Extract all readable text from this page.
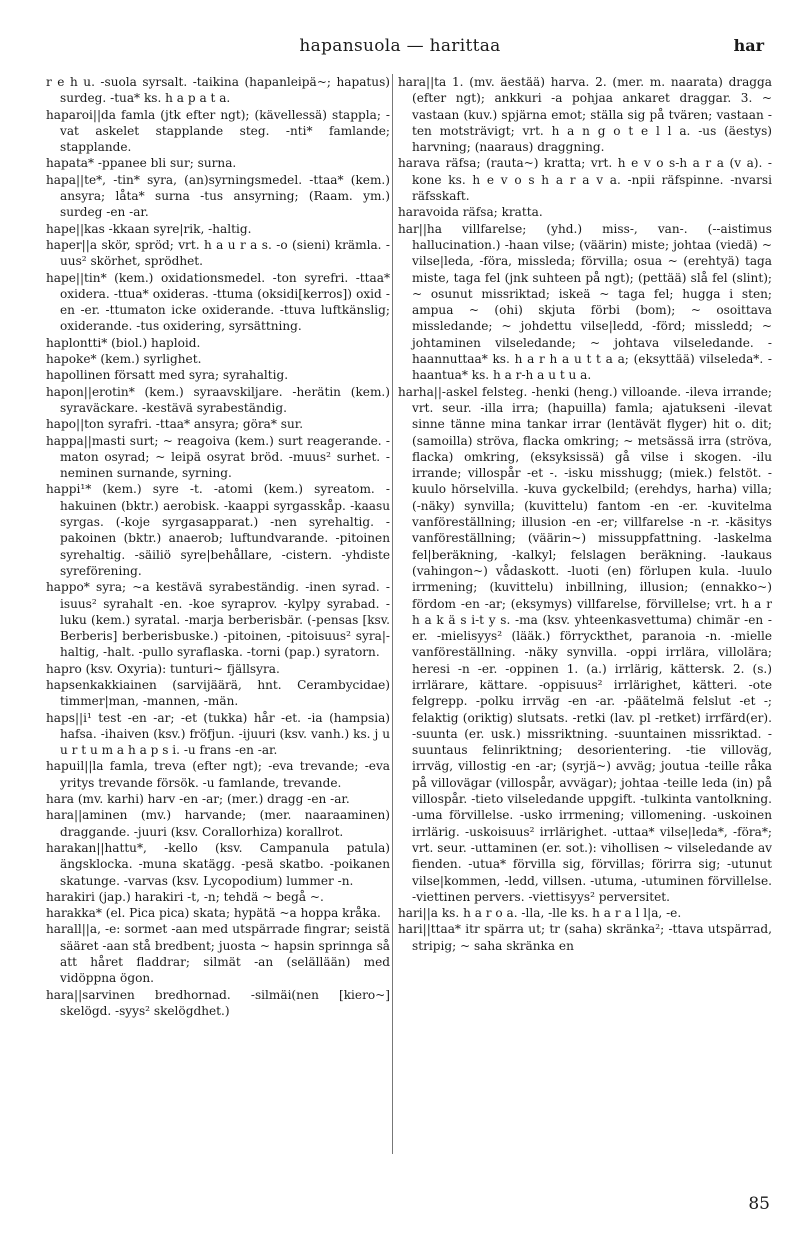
hapansuola — harittaa	har

r e h u. -suola syrsalt. -taikina (hapanleipä~; hapatus) surdeg. -tua* ks. h a p a t a.

haparoi||da famla (jtk efter ngt); (kävellessä) stappla; -vat askelet stapplande steg. -nti* famlande; stapplande.

hapata* -ppanee bli sur; surna.

hapa||te*, -tin* syra, (an)syrningsmedel. -ttaa* (kem.) ansyra; låta* surna -tus ansyrning; (Raam. ym.) surdeg -en -ar.

hape||kas -kkaan syre|rik, -haltig.

haper||a skör, spröd; vrt. h a u r a s. -o (sieni) krämla. -uus² skörhet, sprödhet.

hape||tin* (kem.) oxidationsmedel. -ton syrefri. -ttaa* oxidera. -ttua* oxideras. -ttuma (oksidi[kerros]) oxid -en -er. -ttumaton icke oxiderande. -ttuva luftkänslig; oxiderande. -tus oxidering, syrsättning.

haplontti* (biol.) haploid.

hapoke* (kem.) syrlighet.

hapollinen försatt med syra; syrahaltig.

hapon||erotin* (kem.) syraavskiljare. -herätin (kem.) syraväckare. -kestävä syrabeständig.

hapo||ton syrafri. -ttaa* ansyra; göra* sur.

happa||masti surt; ~ reagoiva (kem.) surt reagerande. -maton osyrad; ~ leipä osyrat bröd. -muus² surhet. -neminen surnande, syrning.

happi¹* (kem.) syre -t. -atomi (kem.) syreatom. -hakuinen (bktr.) aerobisk. -kaappi syrgasskåp. -kaasu syrgas. (-koje syrgasapparat.) -nen syrehaltig. -pakoinen (bktr.) anaerob; luftundvarande. -pitoinen syrehaltig. -säiliö syre|behållare, -cistern. -yhdiste syreförening.

happo* syra; ~a kestävä syrabeständig. -inen syrad. -isuus² syrahalt -en. -koe syraprov. -kylpy syrabad. -luku (kem.) syratal. -marja berberisbär. (-pensas [ksv. Berberis] berberisbuske.) -pitoinen, -pitoisuus² syra|-haltig, -halt. -pullo syraflaska. -torni (pap.) syratorn.

hapro (ksv. Oxyria): tunturi~ fjällsyra.

hapsenkakkiainen (sarvijäärä, hnt. Cerambycidae) timmer|man, -mannen, -män.

haps||i¹ test -en -ar; -et (tukka) hår -et. -ia (hampsia) hafsa. -ihaiven (ksv.) fröfjun. -ijuuri (ksv. vanh.) ks. j u u r t u m a h a p s i. -u frans -en -ar.

hapuil||la famla, treva (efter ngt); -eva trevande; -eva yritys trevande försök. -u famlande, trevande.

hara (mv. karhi) harv -en -ar; (mer.) dragg -en -ar.

hara||aminen (mv.) harvande; (mer. naaraaminen) draggande. -juuri (ksv. Corallorhiza) korallrot.

harakan||hattu*, -kello (ksv. Campanula patula) ängsklocka. -muna skatägg. -pesä skatbo. -poikanen skatunge. -varvas (ksv. Lycopodium) lummer -n.

harakiri (jap.) harakiri -t, -n; tehdä ~ begå ~.

harakka* (el. Pica pica) skata; hypätä ~a hoppa kråka.

harall||a, -e: sormet -aan med utspärrade fingrar; seistä sääret -aan stå bredbent; juosta ~ hapsin sprinngа så att håret fladdrar; silmät -an (selällään) med vidöppna ögon.

hara||sarvinen bredhornad. -silmäi(nen [kiero~] skelögd. -syys² skelögdhet.)

hara||ta 1. (mv. äestää) harva. 2. (mer. m. naarata) dragga (efter ngt); ankkuri -a pohjaa ankaret draggar. 3. ~ vastaan (kuv.) spjärna emot; ställa sig på tvären; vastaan -ten motsträvigt; vrt. h a n g o t e l l a. -us (äestys) harvning; (naaraus) draggning.

harava räfsa; (rauta~) kratta; vrt. h e v o s-h a r a (v a). -kone ks. h e v o s h a r a v a. -npii räfspinne. -nvarsi räfsskaft.

haravoida räfsa; kratta.

har||ha villfarelse; (yhd.) miss-, van-. (--aistimus hallucination.) -haan vilse; (väärin) miste; johtaa (viedä) ~ vilse|leda, -föra, missleda; förvilla; osua ~ (erehtyä) taga miste, taga fel (jnk suhteen på ngt); (pettää) slå fel (slint); ~ osunut missriktad; iskeä ~ taga fel; hugga i sten; ampua ~ (ohi) skjuta förbi (bom); ~ osoittava missledande; ~ johdettu vilse|ledd, -förd; missledd; ~ johtaminen vilseledande; ~ johtava vilseledande. -haannuttaa* ks. h a r h a u t t a a; (eksyttää) vilseleda*. -haantua* ks. h a r-h a u t u a.

harha||-askel felsteg. -henki (heng.) villoande. -ileva irrande; vrt. seur. -illa irra; (hapuilla) famla; ajatukseni -ilevat sinne tänne mina tankar irrar (lentävät flyger) hit o. dit; (samoilla) ströva, flacka omkring; ~ metsässä irra (ströva, flacka) omkring, (eksyksissä) gå vilse i skogen. -ilu irrande; villospår -et -. -isku misshugg; (miek.) felstöt. -kuulo hörselvilla. -kuva gyckelbild; (erehdys, harha) villa; (-näky) synvilla; (kuvittelu) fantom -en -er. -kuvitelma vanföreställning; illusion -en -er; villfarelse -n -r. -käsitys vanföreställning; (väärin~) missuppfattning. -laskelma fel|beräkning, -kalkyl; felslagen beräkning. -laukaus (vahingon~) vådaskott. -luoti (en) förlupen kula. -luulo irrmening; (kuvittelu) inbillning, illusion; (ennakko~) fördom -en -ar; (eksymys) villfarelse, förvillelse; vrt. h a r h a k ä s i-t y s. -ma (ksv. yhteenkasvettuma) chimär -en -er. -mielisyys² (lääk.) förryckthet, paranoia -n. -mielle vanföreställning. -näky synvilla. -oppi irrlära, villolära; heresi -n -er. -oppinen 1. (a.) irrlärig, kättersk. 2. (s.) irrlärare, kättare. -oppisuus² irrlärighet, kätteri. -ote felgrepp. -polku irrväg -en -ar. -päätelmä felslut -et -; felaktig (oriktig) slutsats. -retki (lav. pl -retket) irrfärd(er). -suunta (er. usk.) missriktning. -suuntainen missriktad. -suuntaus felinriktning; desorientering. -tie villoväg, irrväg, villostig -en -ar; (syrjä~) avväg; joutua -teille råka på villovägar (villospår, avvägar); johtaa -teille leda (in) på villospår. -tieto vilseledande uppgift. -tulkinta vantolkning. -uma förvillelse. -usko irrmening; villomening. -uskoinen irrlärig. -uskoisuus² irrlärighet. -uttaa* vilse|leda*, -föra*; vrt. seur. -uttaminen (er. sot.): vihollisen ~ vilseledande av fienden. -utua* förvilla sig, förvillas; förirra sig; -utunut vilse|kommen, -ledd, villsen. -utuma, -utuminen förvillelse. -viettinen pervers. -viettisyys² perversitet.

hari||a ks. h a r o a. -lla, -lle ks. h a r a l l|a, -e.

hari||ttaa* itr spärra ut; tr (saha) skränka²; -ttava utspärrad, stripig; ~ saha skränka en

85
